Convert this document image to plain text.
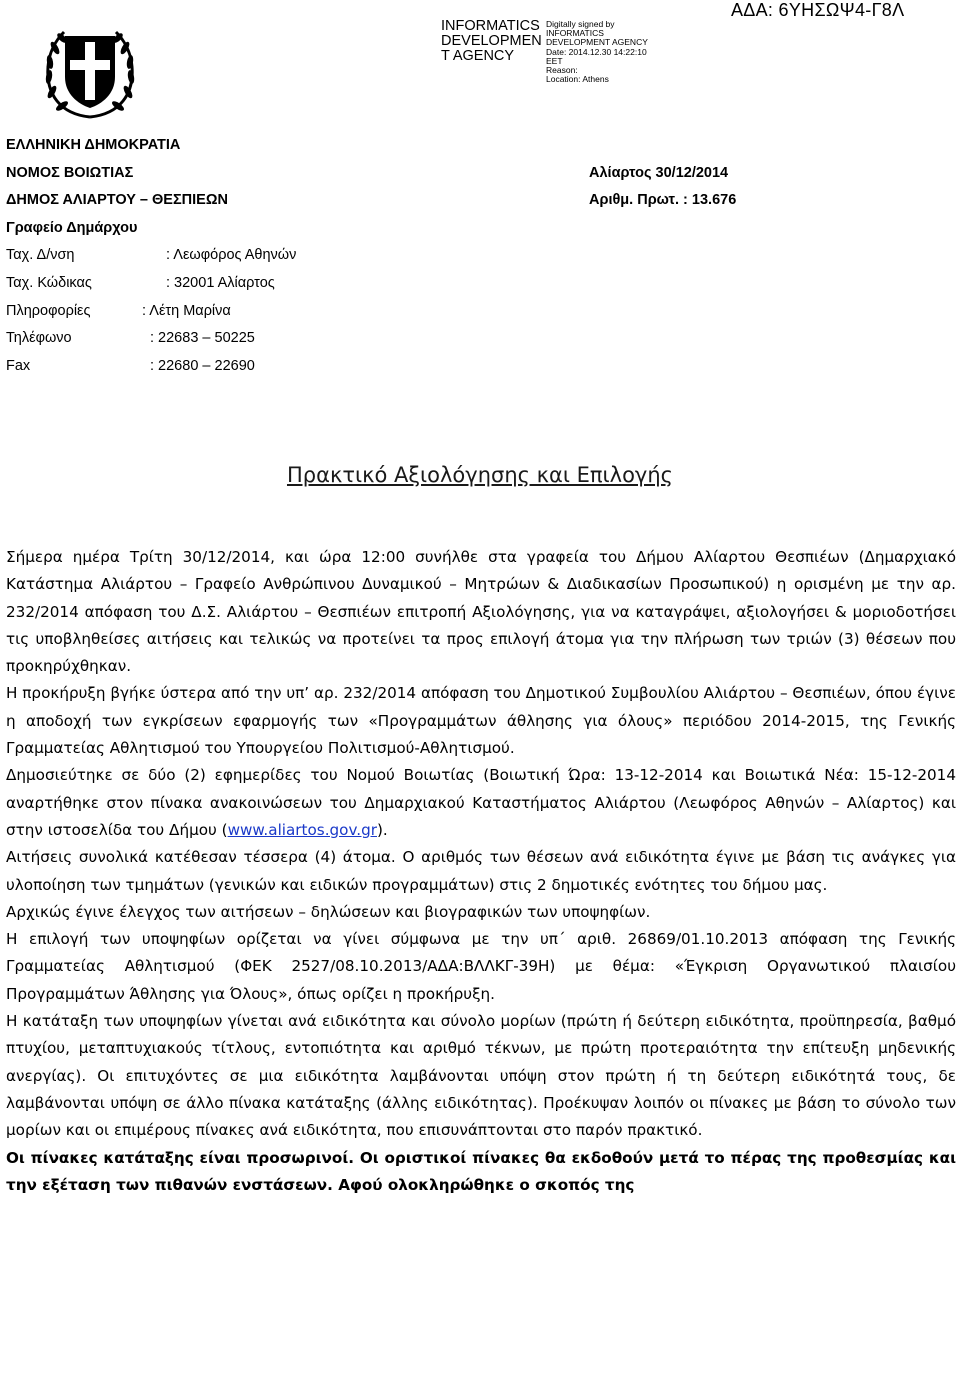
INFORMATICS DEVELOPMEN T AGENCY
Digitally signed by
INFORMATICS
DEVELOPMENT AGENCY
Date: 2014.12.30 14:22:10
EET
Reason:
Location: Athens
ΑΔΑ: 6ΥΗΣΩΨ4-Γ8Λ
ΕΛΛΗΝΙΚΗ ΔΗΜΟΚΡΑΤΙΑ
ΝΟΜΟΣ ΒΟΙΩΤΙΑΣ
ΔΗΜΟΣ ΑΛΙΑΡΤΟΥ – ΘΕΣΠΙΕΩΝ
Γραφείο Δημάρχου
Αλίαρτος 30/12/2014
Αριθμ. Πρωτ. : 13.676
Ταχ. Δ/νση	: Λεωφόρος Αθηνών
Ταχ. Κώδικας	: 32001 Αλίαρτος
Πληροφορίες	: Λέτη Μαρίνα
Τηλέφωνο	: 22683 – 50225
Fax	: 22680 – 22690
Πρακτικό Αξιολόγησης και Επιλογής

Σήμερα ημέρα Τρίτη 30/12/2014, και ώρα 12:00 συνήλθε στα γραφεία του Δήμου Αλίαρτου Θεσπιέων (Δημαρχιακό Κατάστημα Αλιάρτου – Γραφείο Ανθρώπινου Δυναμικού – Μητρώων & Διαδικασίων Προσωπικού) η ορισμένη με την αρ. 232/2014 απόφαση του Δ.Σ. Αλιάρτου – Θεσπιέων επιτροπή Αξιολόγησης, για να καταγράψει, αξιολογήσει & μοριοδοτήσει τις υποβληθείσες αιτήσεις και τελικώς να προτείνει τα προς επιλογή άτομα για την πλήρωση των τριών (3) θέσεων που προκηρύχθηκαν.

Η προκήρυξη βγήκε ύστερα από την υπ’ αρ. 232/2014 απόφαση του Δημοτικού Συμβουλίου Αλιάρτου – Θεσπιέων, όπου έγινε η αποδοχή των εγκρίσεων εφαρμογής των «Προγραμμάτων άθλησης για όλους» περιόδου 2014-2015, της Γενικής Γραμματείας Αθλητισμού του Υπουργείου Πολιτισμού-Αθλητισμού.

Δημοσιεύτηκε σε δύο (2) εφημερίδες του Νομού Βοιωτίας (Βοιωτική Ώρα: 13-12-2014 και Βοιωτικά Νέα: 15-12-2014 αναρτήθηκε στον πίνακα ανακοινώσεων του Δημαρχιακού Καταστήματος Αλιάρτου (Λεωφόρος Αθηνών – Αλίαρτος) και στην ιστοσελίδα του Δήμου (www.aliartos.gov.gr).

Αιτήσεις συνολικά κατέθεσαν τέσσερα (4) άτομα. Ο αριθμός των θέσεων ανά ειδικότητα έγινε με βάση τις ανάγκες για υλοποίηση των τμημάτων (γενικών και ειδικών προγραμμάτων) στις 2 δημοτικές ενότητες του δήμου μας.

Αρχικώς έγινε έλεγχος των αιτήσεων – δηλώσεων και βιογραφικών των υποψηφίων.

Η επιλογή των υποψηφίων ορίζεται να γίνει σύμφωνα με την υπ΄ αριθ. 26869/01.10.2013 απόφαση της Γενικής Γραμματείας Αθλητισμού (ΦΕΚ 2527/08.10.2013/ΑΔΑ:ΒΛΛΚΓ-39Η) με θέμα: «Έγκριση Οργανωτικού πλαισίου Προγραμμάτων Άθλησης για Όλους», όπως ορίζει η προκήρυξη.

Η κατάταξη των υποψηφίων γίνεται ανά ειδικότητα και σύνολο μορίων (πρώτη ή δεύτερη ειδικότητα, προϋπηρεσία, βαθμό πτυχίου, μεταπτυχιακούς τίτλους, εντοπιότητα και αριθμό τέκνων, με πρώτη προτεραιότητα την επίτευξη μηδενικής ανεργίας). Οι επιτυχόντες σε μια ειδικότητα λαμβάνονται υπόψη στον πρώτη ή τη δεύτερη ειδικότητά τους, δε λαμβάνονται υπόψη σε άλλο πίνακα κατάταξης (άλλης ειδικότητας). Προέκυψαν λοιπόν οι πίνακες με βάση το σύνολο των μορίων και οι επιμέρους πίνακες ανά ειδικότητα, που επισυνάπτονται στο παρόν πρακτικό.

Οι πίνακες κατάταξης είναι προσωρινοί. Οι οριστικοί πίνακες θα εκδοθούν μετά το πέρας της προθεσμίας και την εξέταση των πιθανών ενστάσεων. Αφού ολοκληρώθηκε ο σκοπός της
